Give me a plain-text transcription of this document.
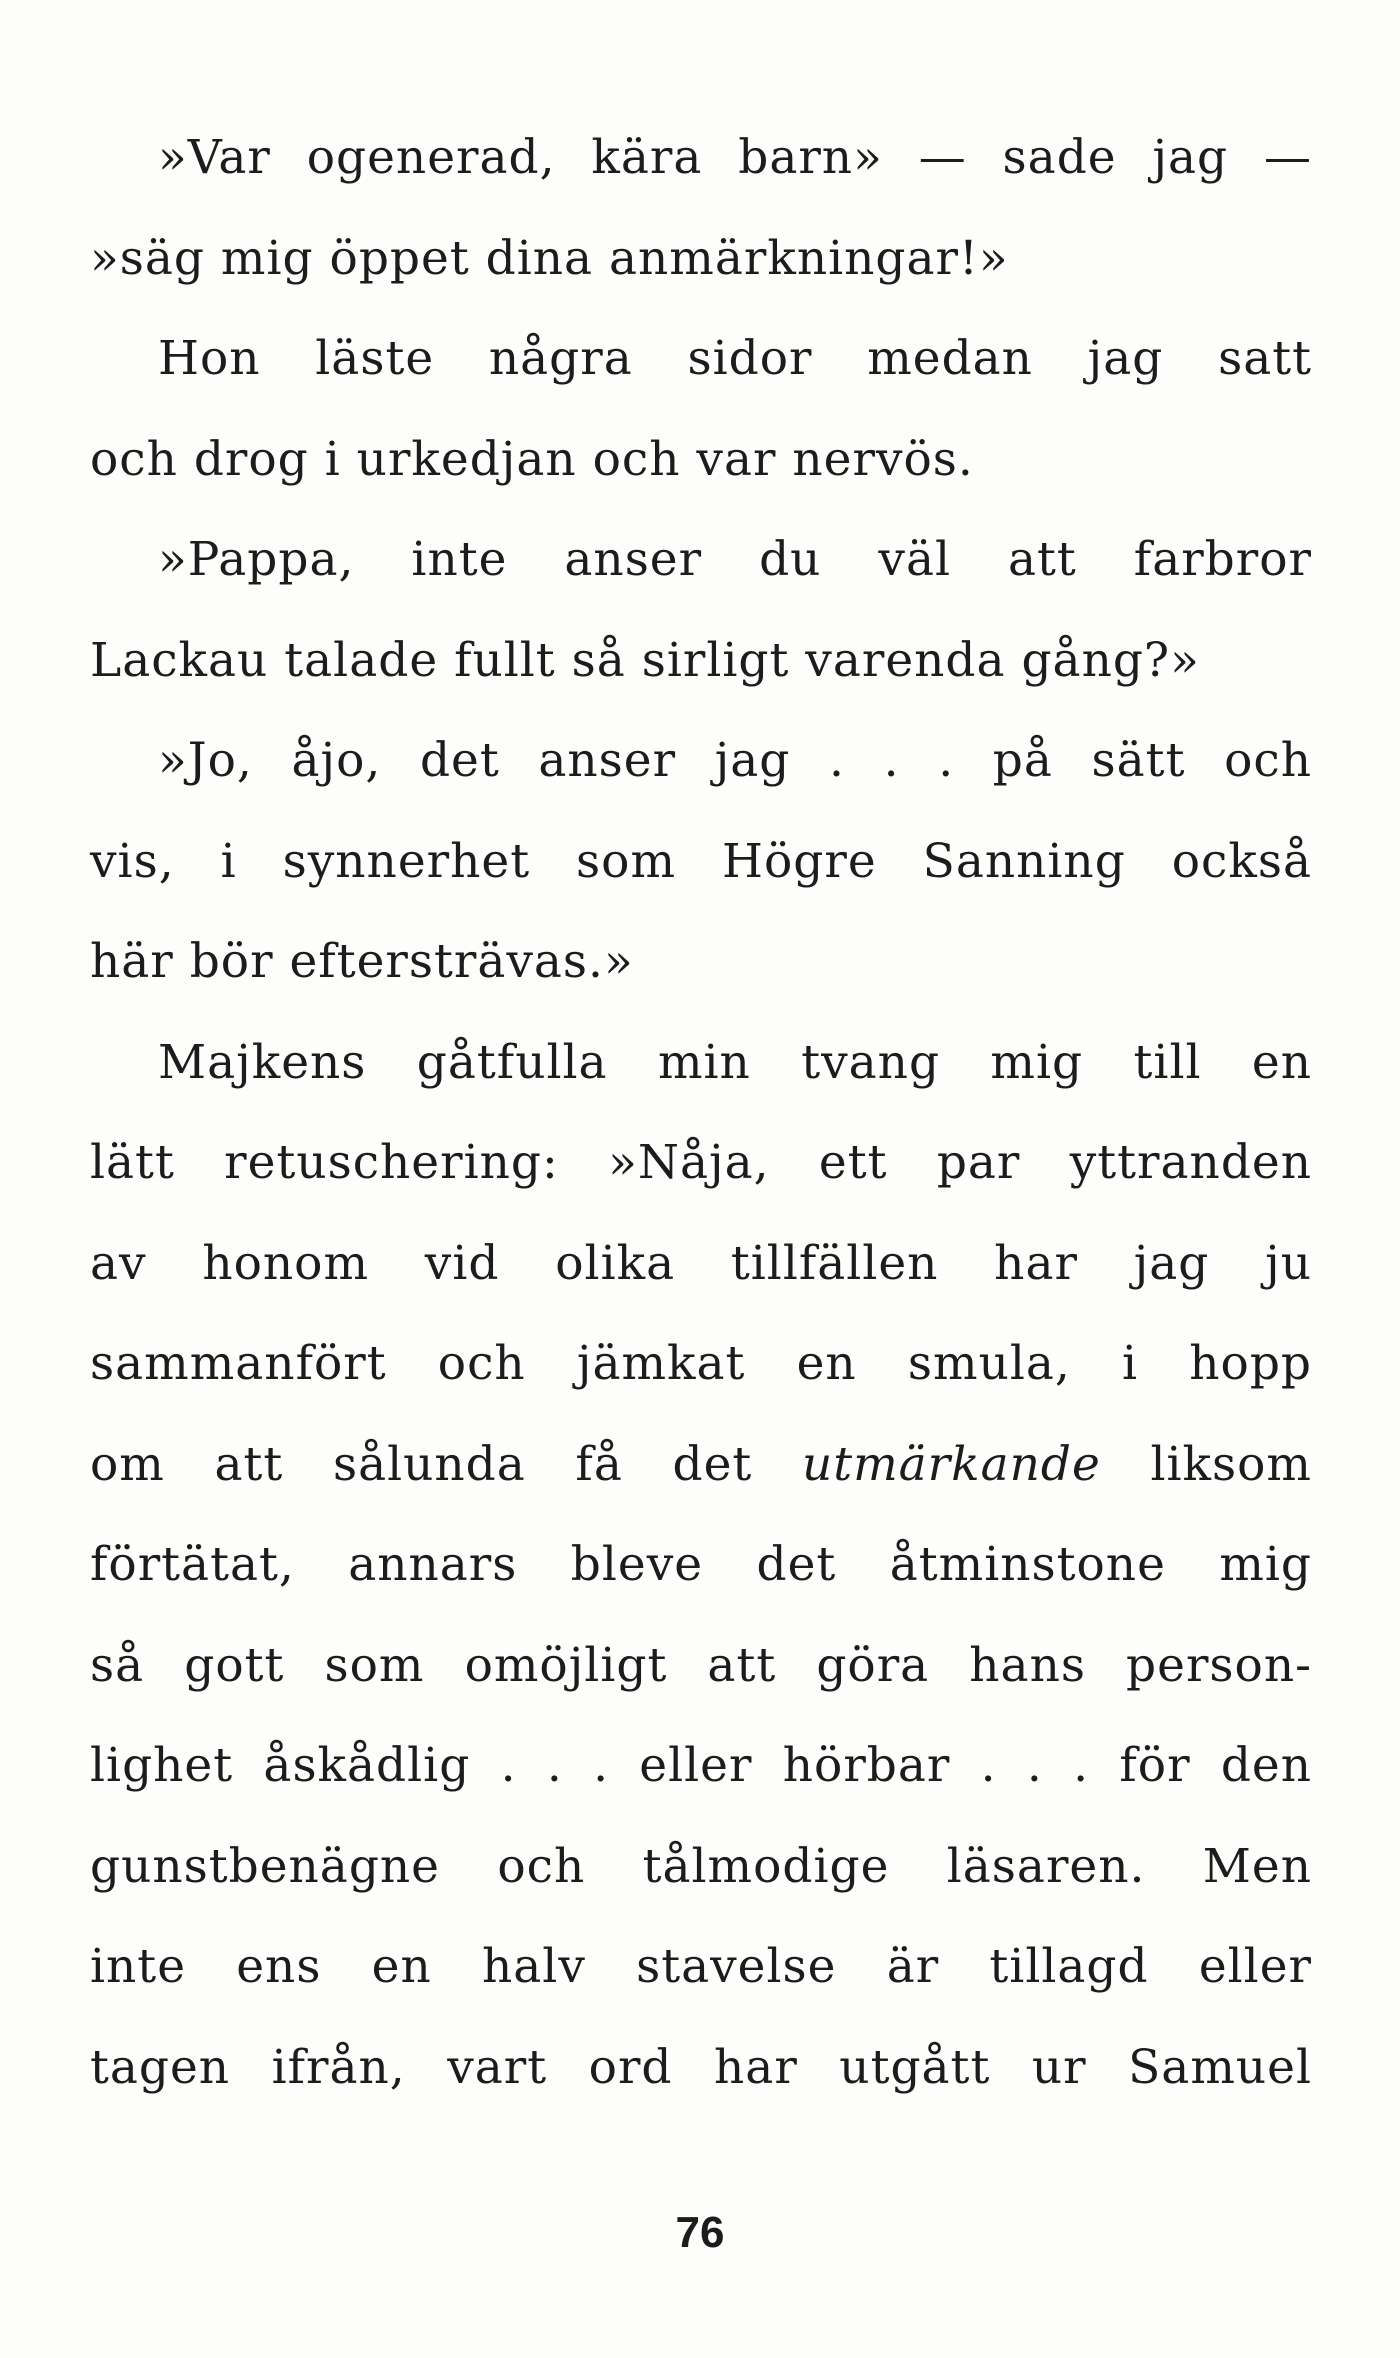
»Var ogenerad, kära barn» — sade jag —
»säg mig öppet dina anmärkningar!»
Hon läste några sidor medan jag satt
och drog i urkedjan och var nervös.
»Pappa, inte anser du väl att farbror
Lackau talade fullt så sirligt varenda gång?»
»Jo, åjo, det anser jag . . . på sätt och
vis, i synnerhet som Högre Sanning också
här bör eftersträvas.»
Majkens gåtfulla min tvang mig till en
lätt retuschering: »Nåja, ett par yttranden
av honom vid olika tillfällen har jag ju
sammanfört och jämkat en smula, i hopp
om att sålunda få det utmärkande liksom
förtätat, annars bleve det åtminstone mig
så gott som omöjligt att göra hans person-
lighet åskådlig . . . eller hörbar . . . för den
gunstbenägne och tålmodige läsaren. Men
inte ens en halv stavelse är tillagd eller
tagen ifrån, vart ord har utgått ur Samuel
76
